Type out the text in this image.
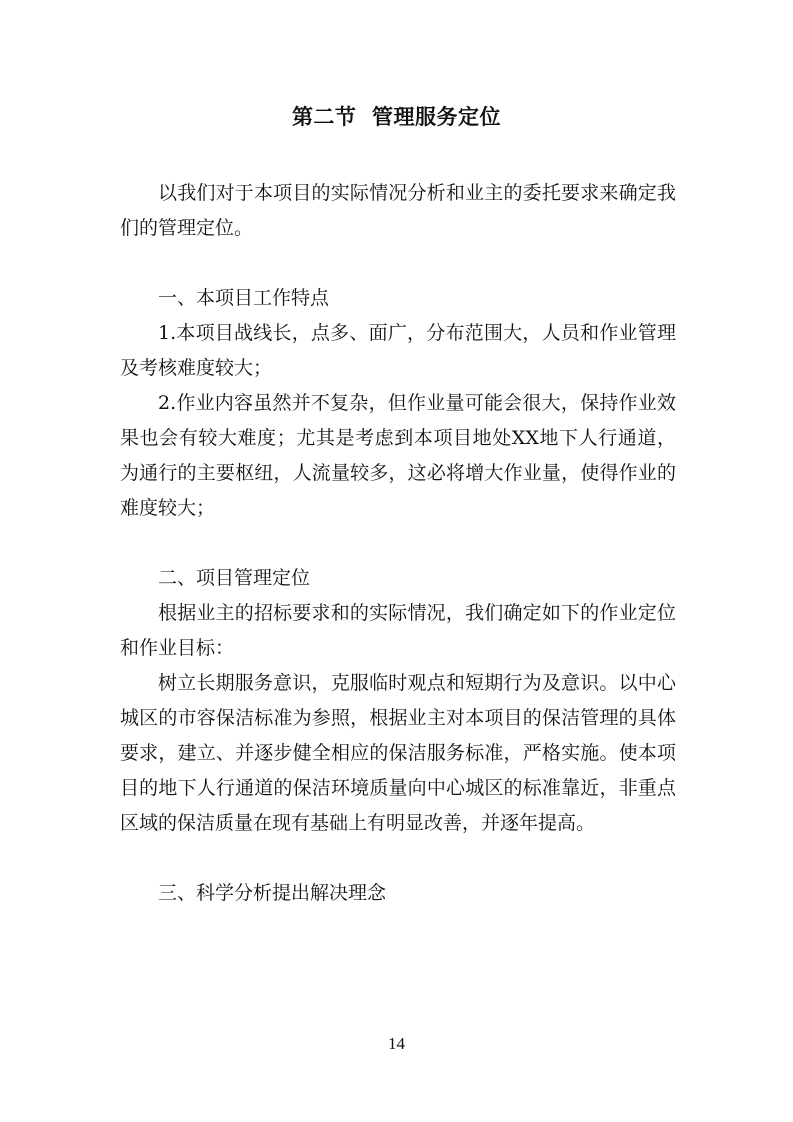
第二节  管理服务定位

以我们对于本项目的实际情况分析和业主的委托要求来确定我们的管理定位。

一、本项目工作特点

1.本项目战线长，点多、面广，分布范围大，人员和作业管理及考核难度较大；

2.作业内容虽然并不复杂，但作业量可能会很大，保持作业效果也会有较大难度；尤其是考虑到本项目地处XX地下人行通道，为通行的主要枢纽，人流量较多，这必将增大作业量，使得作业的难度较大；

二、项目管理定位

根据业主的招标要求和的实际情况，我们确定如下的作业定位和作业目标：

树立长期服务意识，克服临时观点和短期行为及意识。以中心城区的市容保洁标准为参照，根据业主对本项目的保洁管理的具体要求，建立、并逐步健全相应的保洁服务标准，严格实施。使本项目的地下人行通道的保洁环境质量向中心城区的标准靠近，非重点区域的保洁质量在现有基础上有明显改善，并逐年提高。

三、科学分析提出解决理念

14
